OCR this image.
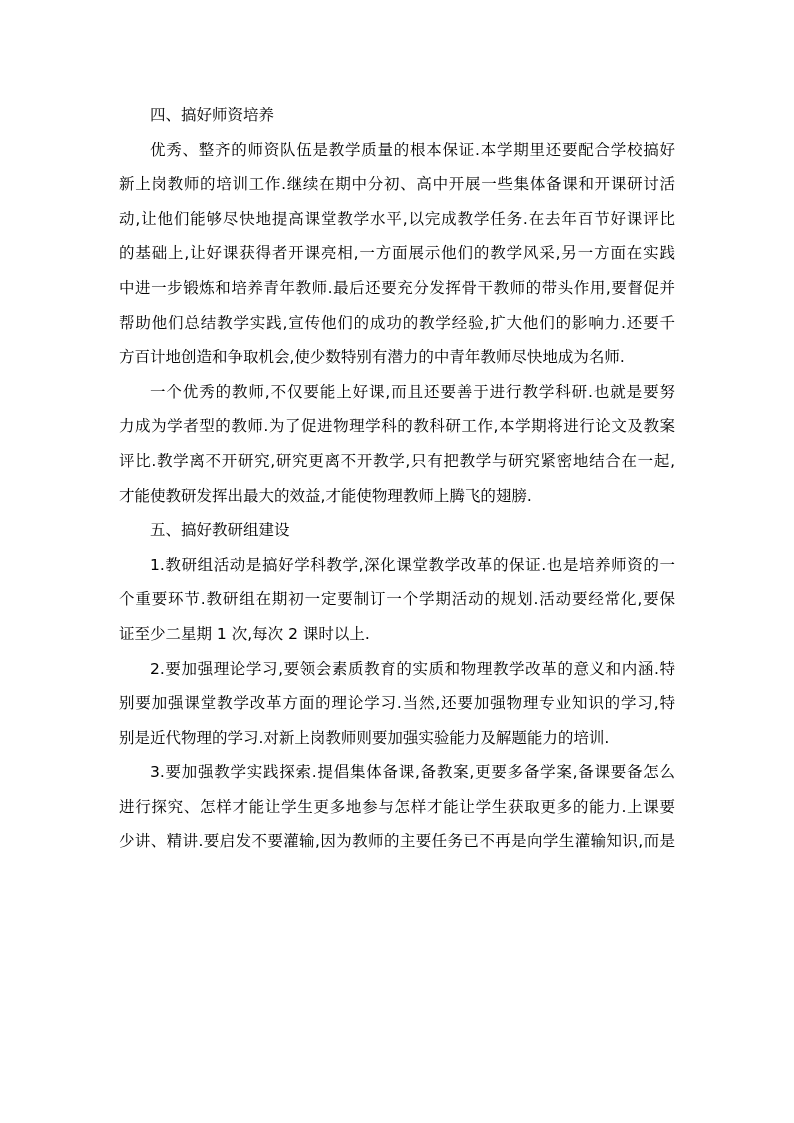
四、搞好师资培养
优秀、整齐的师资队伍是教学质量的根本保证.本学期里还要配合学校搞好
新上岗教师的培训工作.继续在期中分初、高中开展一些集体备课和开课研讨活
动,让他们能够尽快地提高课堂教学水平,以完成教学任务.在去年百节好课评比
的基础上,让好课获得者开课亮相,一方面展示他们的教学风采,另一方面在实践
中进一步锻炼和培养青年教师.最后还要充分发挥骨干教师的带头作用,要督促并
帮助他们总结教学实践,宣传他们的成功的教学经验,扩大他们的影响力.还要千
方百计地创造和争取机会,使少数特别有潜力的中青年教师尽快地成为名师.
一个优秀的教师,不仅要能上好课,而且还要善于进行教学科研.也就是要努
力成为学者型的教师.为了促进物理学科的教科研工作,本学期将进行论文及教案
评比.教学离不开研究,研究更离不开教学,只有把教学与研究紧密地结合在一起,
才能使教研发挥出最大的效益,才能使物理教师上腾飞的翅膀.
五、搞好教研组建设
1.教研组活动是搞好学科教学,深化课堂教学改革的保证.也是培养师资的一
个重要环节.教研组在期初一定要制订一个学期活动的规划.活动要经常化,要保
证至少二星期 1 次,每次 2 课时以上.
2.要加强理论学习,要领会素质教育的实质和物理教学改革的意义和内涵.特
别要加强课堂教学改革方面的理论学习.当然,还要加强物理专业知识的学习,特
别是近代物理的学习.对新上岗教师则要加强实验能力及解题能力的培训.
3.要加强教学实践探索.提倡集体备课,备教案,更要多备学案,备课要备怎么
进行探究、怎样才能让学生更多地参与怎样才能让学生获取更多的能力.上课要
少讲、精讲.要启发不要灌输,因为教师的主要任务已不再是向学生灌输知识,而是
